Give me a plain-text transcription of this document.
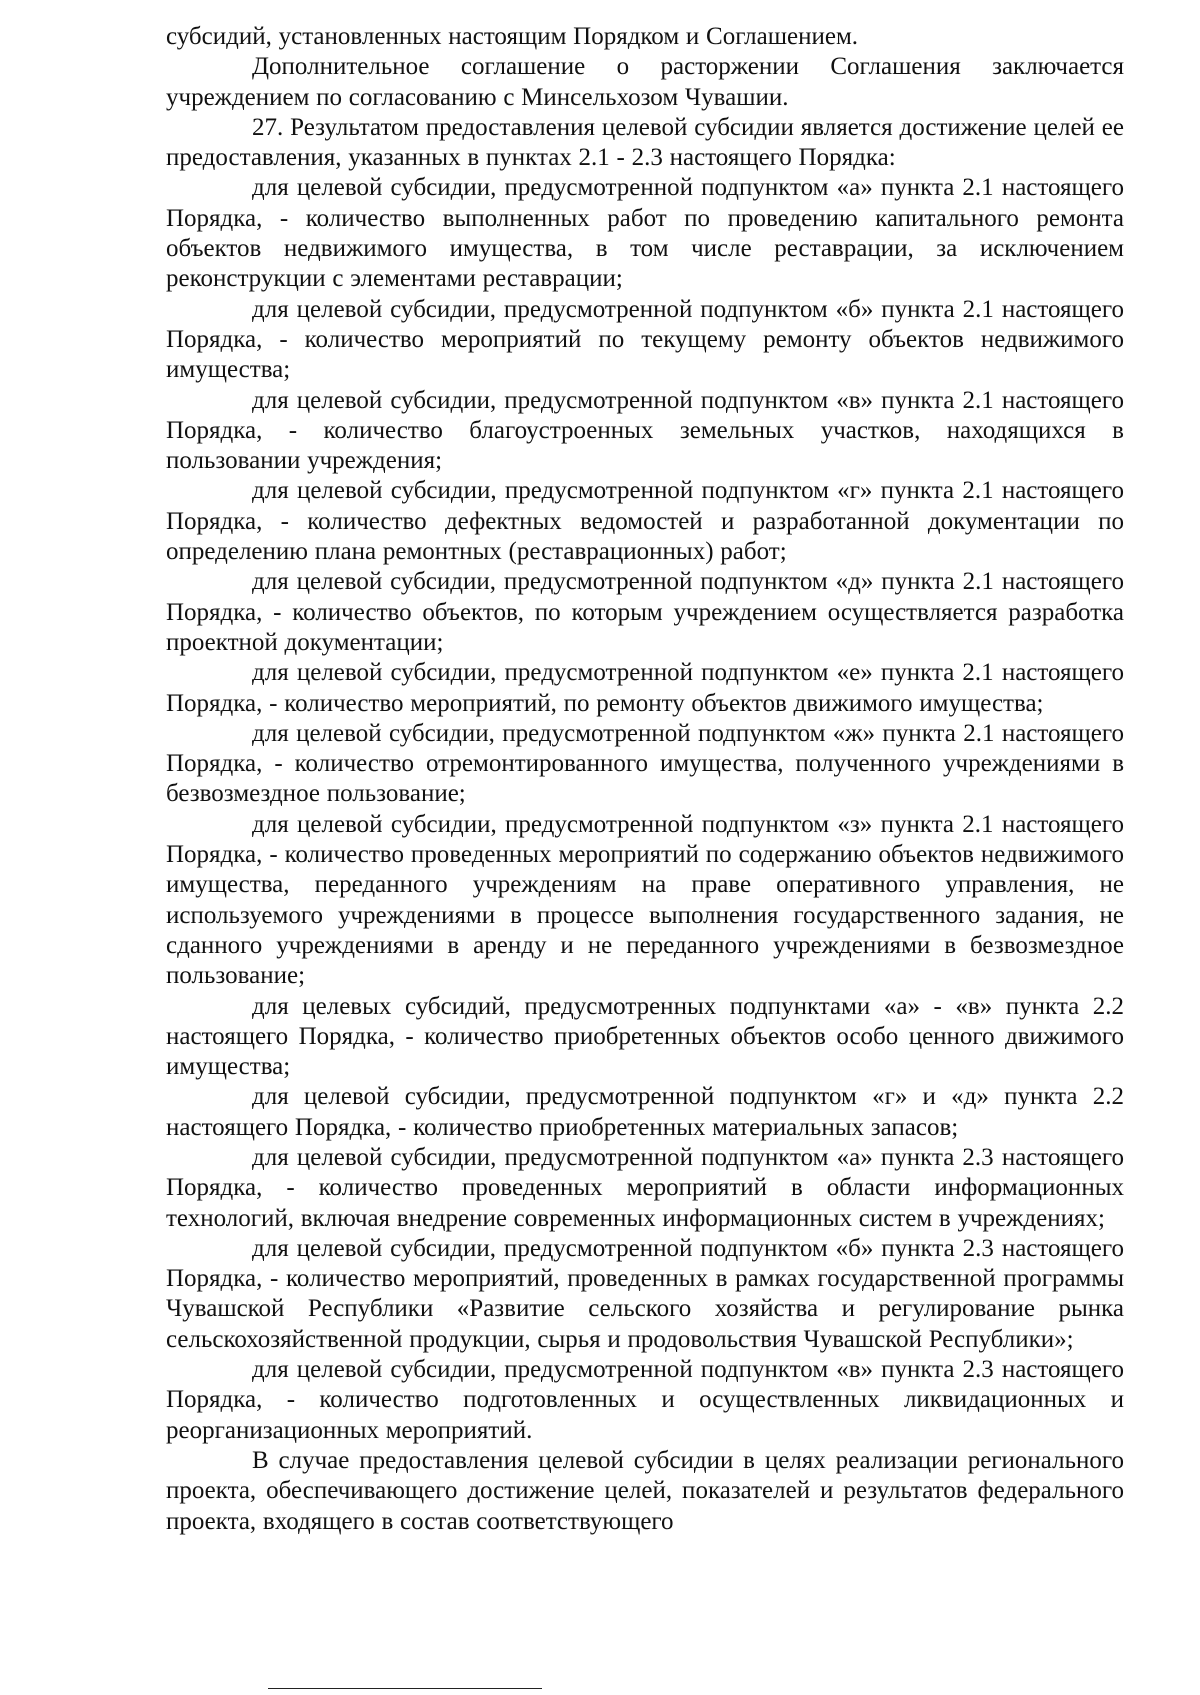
субсидий, установленных настоящим Порядком и Соглашением.

Дополнительное соглашение о расторжении Соглашения заключается учреждением по согласованию с Минсельхозом Чувашии.

27. Результатом предоставления целевой субсидии является достижение целей ее предоставления, указанных в пунктах 2.1 - 2.3 настоящего Порядка:

для целевой субсидии, предусмотренной подпунктом «а» пункта 2.1 настоящего Порядка, - количество выполненных работ по проведению капитального ремонта объектов недвижимого имущества, в том числе реставрации, за исключением реконструкции с элементами реставрации;

для целевой субсидии, предусмотренной подпунктом «б» пункта 2.1 настоящего Порядка, - количество мероприятий по текущему ремонту объектов недвижимого имущества;

для целевой субсидии, предусмотренной подпунктом «в» пункта 2.1 настоящего Порядка, - количество благоустроенных земельных участков, находящихся в пользовании учреждения;

для целевой субсидии, предусмотренной подпунктом «г» пункта 2.1 настоящего Порядка, - количество дефектных ведомостей и разработанной документации по определению плана ремонтных (реставрационных) работ;

для целевой субсидии, предусмотренной подпунктом «д» пункта 2.1 настоящего Порядка, - количество объектов, по которым учреждением осуществляется разработка проектной документации;

для целевой субсидии, предусмотренной подпунктом «е» пункта 2.1 настоящего Порядка, - количество мероприятий, по ремонту объектов движимого имущества;

для целевой субсидии, предусмотренной подпунктом «ж» пункта 2.1 настоящего Порядка, - количество отремонтированного имущества, полученного учреждениями в безвозмездное пользование;

для целевой субсидии, предусмотренной подпунктом «з» пункта 2.1 настоящего Порядка, - количество проведенных мероприятий по содержанию объектов недвижимого имущества, переданного учреждениям на праве оперативного управления, не используемого учреждениями в процессе выполнения государственного задания, не сданного учреждениями в аренду и не переданного учреждениями в безвозмездное пользование;

для целевых субсидий, предусмотренных подпунктами «а» - «в» пункта 2.2 настоящего Порядка, - количество приобретенных объектов особо ценного движимого имущества;

для целевой субсидии, предусмотренной подпунктом «г» и «д» пункта 2.2 настоящего Порядка, - количество приобретенных материальных запасов;

для целевой субсидии, предусмотренной подпунктом «а» пункта 2.3 настоящего Порядка, - количество проведенных мероприятий в области информационных технологий, включая внедрение современных информационных систем в учреждениях;

для целевой субсидии, предусмотренной подпунктом «б» пункта 2.3 настоящего Порядка, - количество мероприятий, проведенных в рамках государственной программы Чувашской Республики «Развитие сельского хозяйства и регулирование рынка сельскохозяйственной продукции, сырья и продовольствия Чувашской Республики»;

для целевой субсидии, предусмотренной подпунктом «в» пункта 2.3 настоящего Порядка, - количество подготовленных и осуществленных ликвидационных и реорганизационных мероприятий.

В случае предоставления целевой субсидии в целях реализации регионального проекта, обеспечивающего достижение целей, показателей и результатов федерального проекта, входящего в состав соответствующего
